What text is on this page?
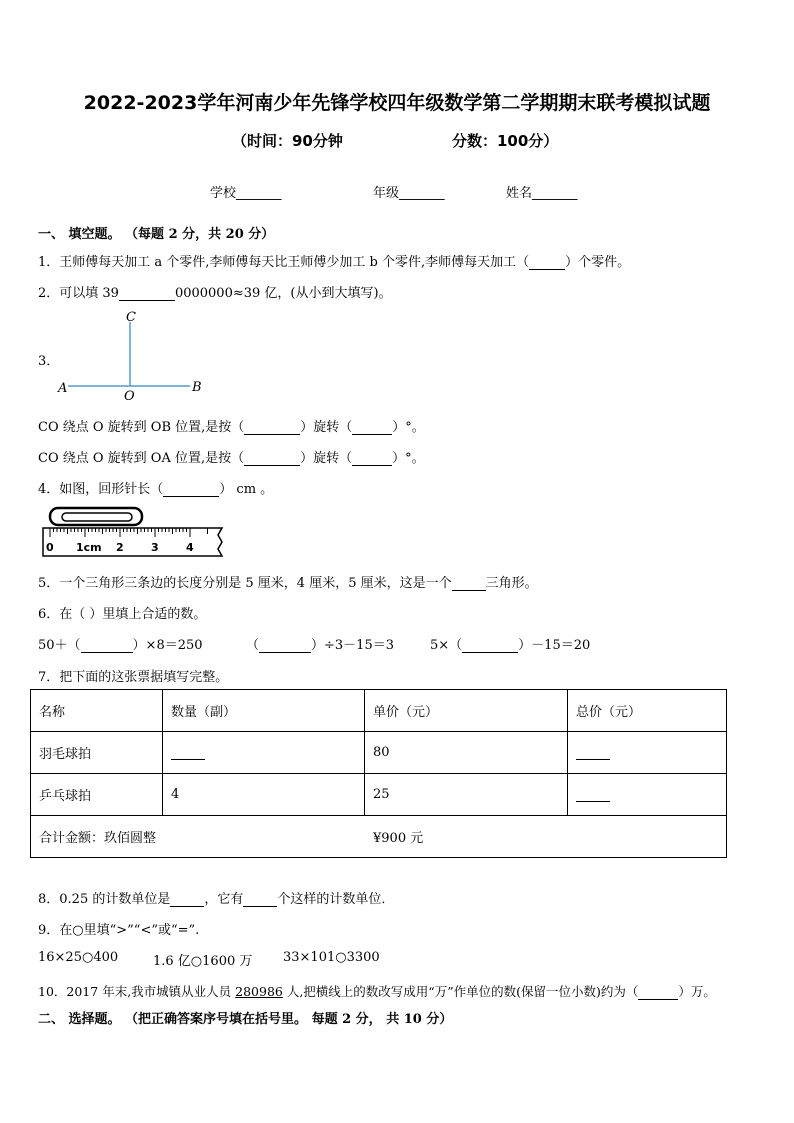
2022-2023学年河南少年先锋学校四年级数学第二学期期末联考模拟试题
（时间：90分钟	分数：100分）
学校_______	年级_______	姓名_______
一、 填空题。 （每题 2 分，共 20 分）
1．王师傅每天加工 a 个零件,李师傅每天比王师傅少加工 b 个零件,李师傅每天加工（	）个零件。
2．可以填 39	0000000≈39 亿，(从小到大填写)。
3．
C
A
O
B
CO 绕点 O 旋转到 OB 位置,是按（	）旋转（	）°。
CO 绕点 O 旋转到 OA 位置,是按（	）旋转（	）°。
4．如图，回形针长（	） cm 。
0 1cm 2 3 4
5．一个三角形三条边的长度分别是 5 厘米，4 厘米，5 厘米，这是一个	三角形。
6．在（ ）里填上合适的数。
50＋（	）×8＝250	（	）÷3－15＝3	5×（	）－15＝20
7．把下面的这张票据填写完整。
名称	数量（副）	单价（元）	总价（元）
羽毛球拍		80	
乒乓球拍	4	25	
合计金额：玖佰圆整 ¥900 元			
8．0.25 的计数单位是	，它有	个这样的计数单位．
9．在○里填“>”“<”或“=”.
16×25○400	1.6 亿○1600 万 33×101○3300
10．2017 年末,我市城镇从业人员 280986 人,把横线上的数改写成用“万”作单位的数(保留一位小数)约为（	）万。
二、 选择题。 （把正确答案序号填在括号里。 每题 2 分， 共 10 分）
